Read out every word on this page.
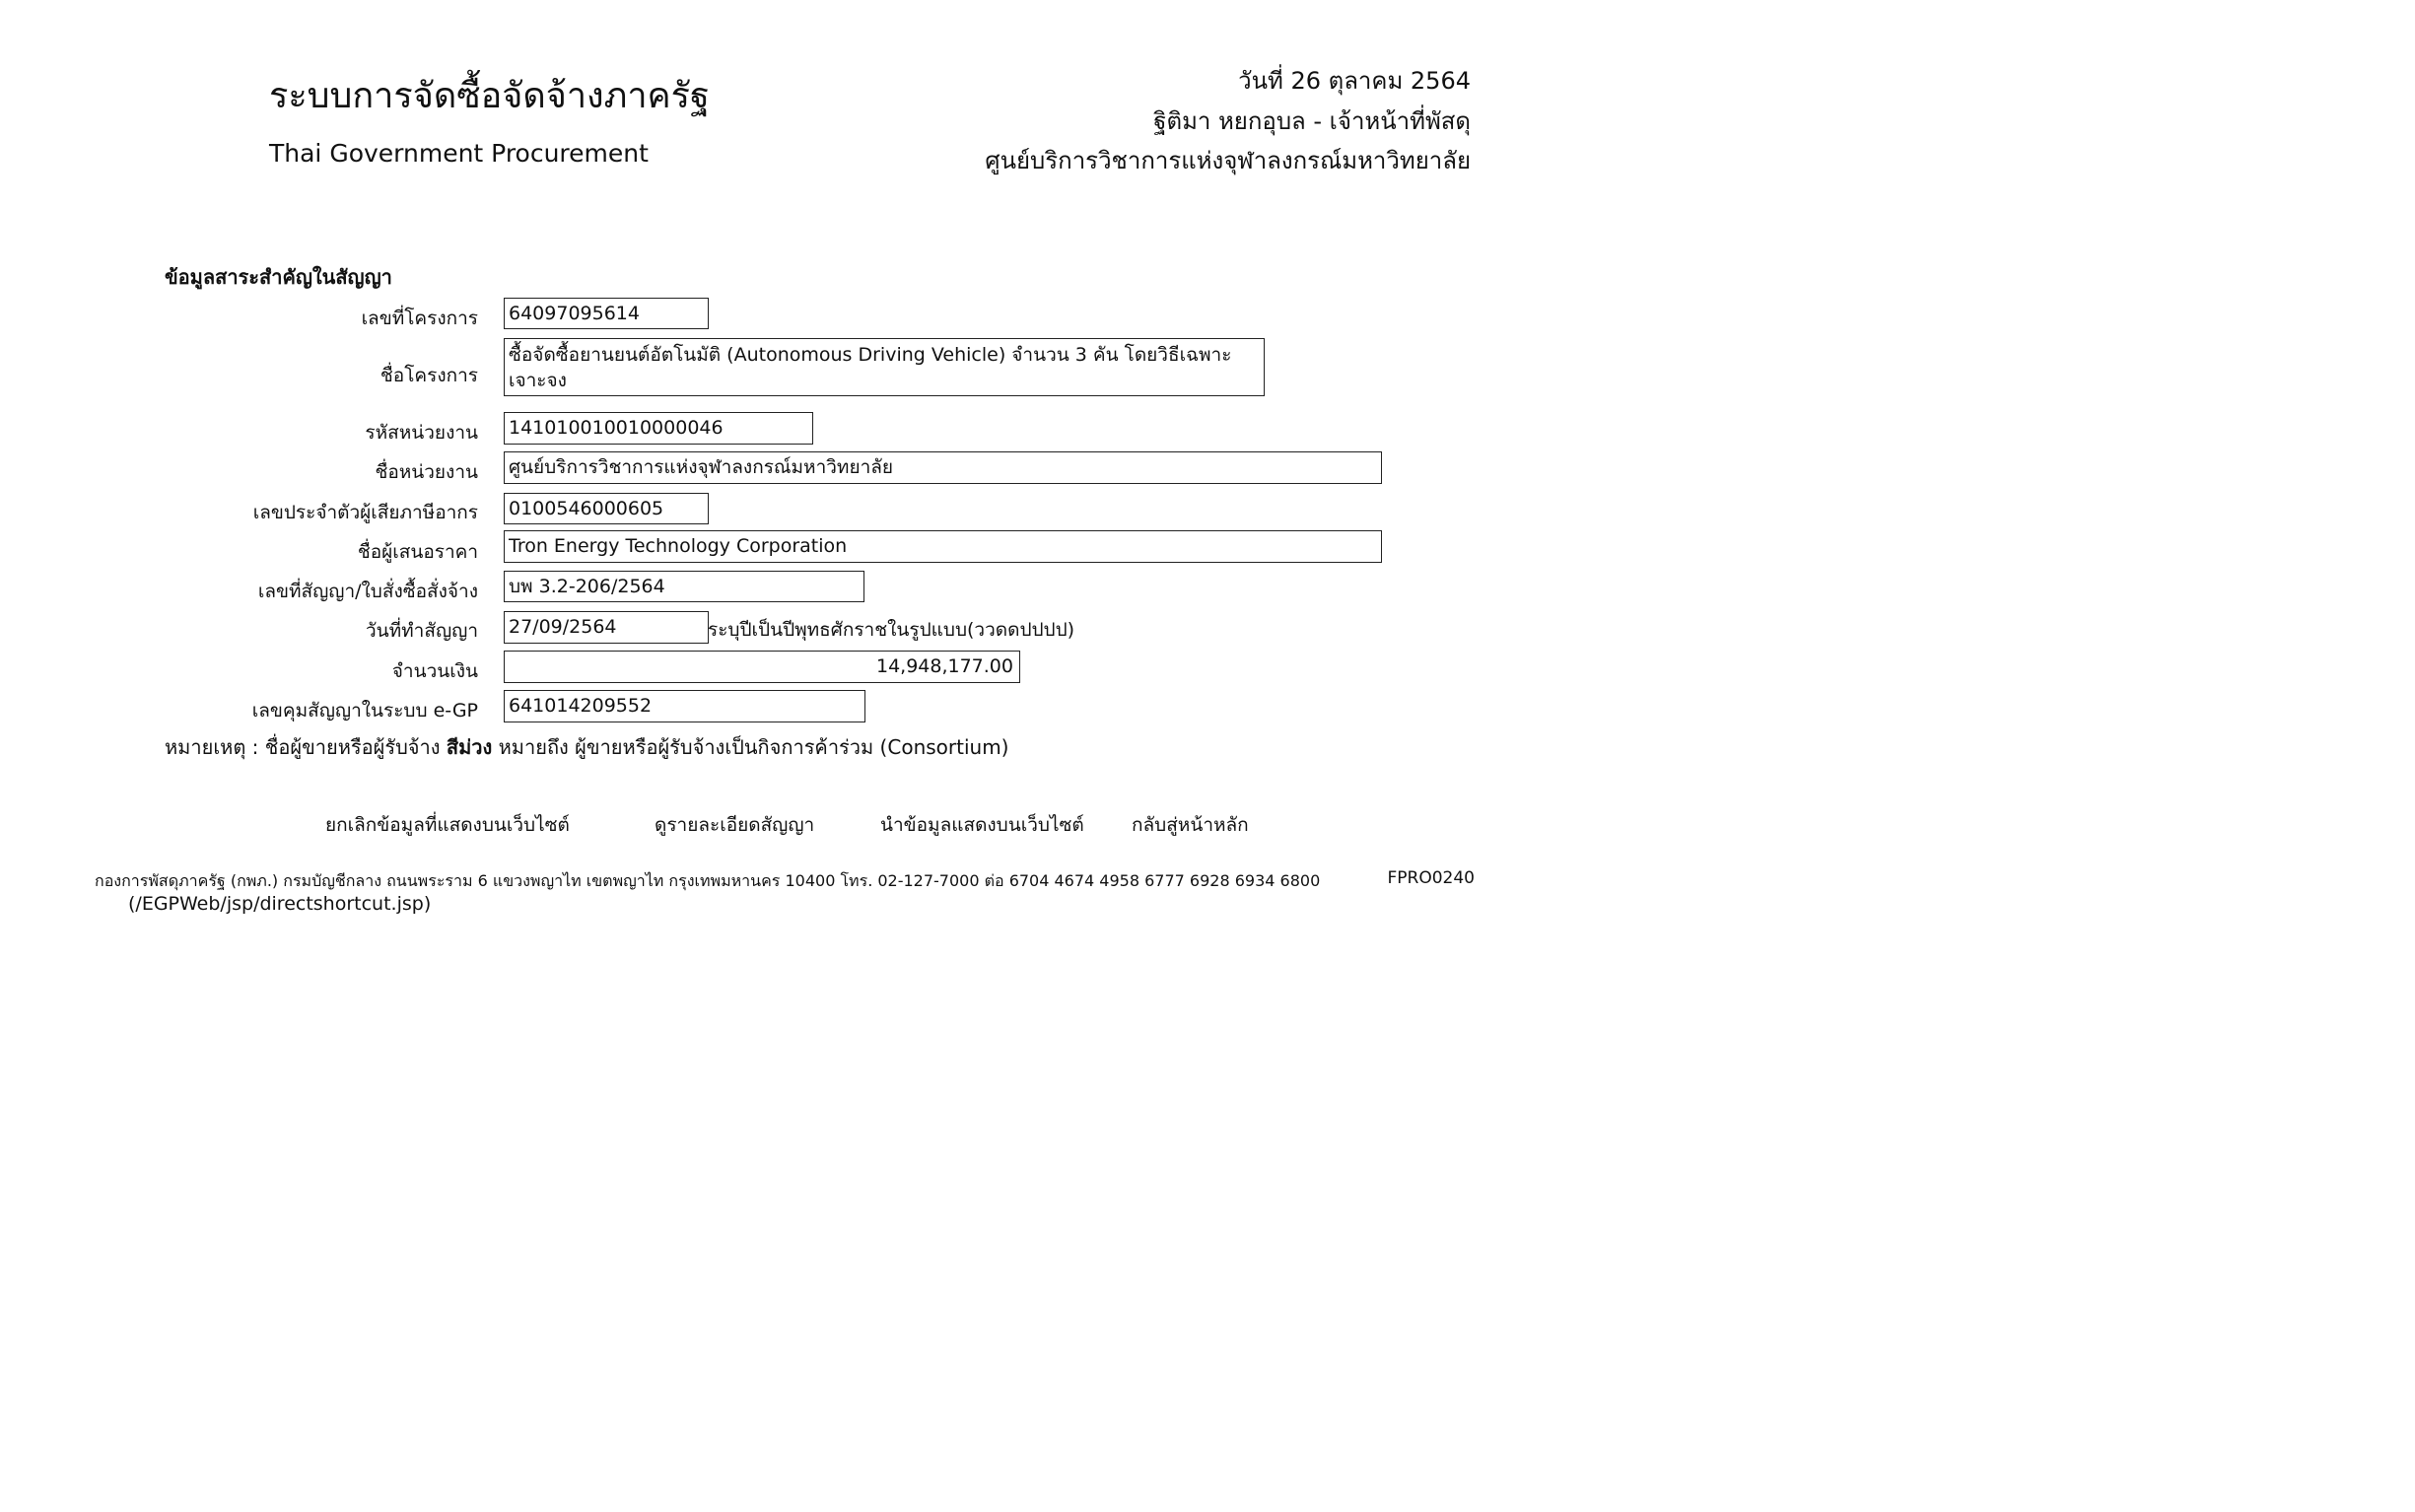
ระบบการจัดซื้อจัดจ้างภาครัฐ
Thai Government Procurement
วันที่ 26 ตุลาคม 2564
ฐิติมา หยกอุบล - เจ้าหน้าที่พัสดุ
ศูนย์บริการวิชาการแห่งจุฬาลงกรณ์มหาวิทยาลัย
ข้อมูลสาระสำคัญในสัญญา
เลขที่โครงการ 64097095614
ชื่อโครงการ
ซื้อจัดซื้อยานยนต์อัตโนมัติ (Autonomous Driving Vehicle) จำนวน 3 คัน โดยวิธีเฉพาะเจาะจง
รหัสหน่วยงาน 141010010010000046
ชื่อหน่วยงาน ศูนย์บริการวิชาการแห่งจุฬาลงกรณ์มหาวิทยาลัย
เลขประจำตัวผู้เสียภาษีอากร 0100546000605
ชื่อผู้เสนอราคา Tron Energy Technology Corporation
เลขที่สัญญา/ใบสั่งซื้อสั่งจ้าง บพ 3.2-206/2564
วันที่ทำสัญญา 27/09/2564	ระบุปีเป็นปีพุทธศักราชในรูปแบบ(ววดดปปปป)
จำนวนเงิน	14,948,177.00
เลขคุมสัญญาในระบบ e-GP 641014209552
หมายเหตุ : ชื่อผู้ขายหรือผู้รับจ้าง สีม่วง หมายถึง ผู้ขายหรือผู้รับจ้างเป็นกิจการค้าร่วม (Consortium)
ยกเลิกข้อมูลที่แสดงบนเว็บไซต์	ดูรายละเอียดสัญญา	นำข้อมูลแสดงบนเว็บไซต์	กลับสู่หน้าหลัก
กองการพัสดุภาครัฐ (กพภ.) กรมบัญชีกลาง ถนนพระราม 6 แขวงพญาไท เขตพญาไท กรุงเทพมหานคร 10400 โทร. 02-127-7000 ต่อ 6704 4674 4958 6777 6928 6934 6800	FPRO0240
(/EGPWeb/jsp/directshortcut.jsp)
